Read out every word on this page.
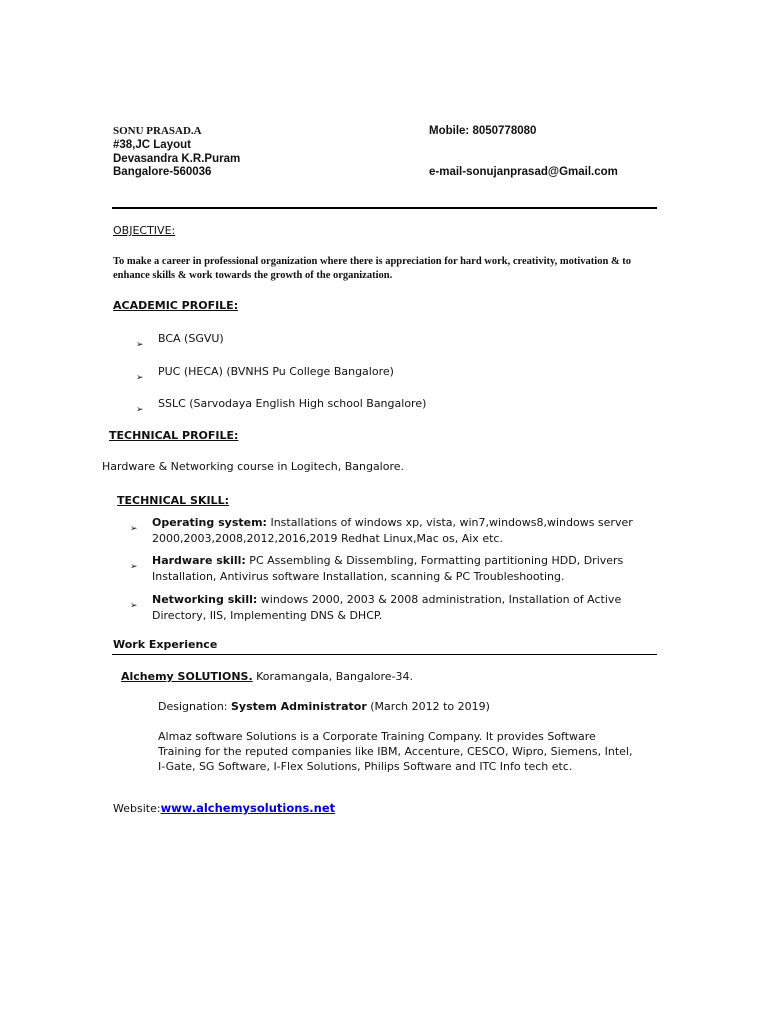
SONU PRASAD.A
#38,JC Layout
Devasandra K.R.Puram
Bangalore-560036
Mobile: 8050778080
e-mail-sonujanprasad@Gmail.com
OBJECTIVE:
To make a career in professional organization where there is appreciation for hard work, creativity, motivation & to enhance skills & work towards the growth of the organization.
ACADEMIC PROFILE:
➢ BCA (SGVU)
➢ PUC (HECA) (BVNHS Pu College Bangalore)
➢ SSLC (Sarvodaya English High school Bangalore)
TECHNICAL PROFILE:
Hardware & Networking course in Logitech, Bangalore.
TECHNICAL SKILL:
➢ Operating system: Installations of windows xp, vista, win7,windows8,windows server 2000,2003,2008,2012,2016,2019 Redhat Linux,Mac os, Aix etc.
➢ Hardware skill: PC Assembling & Dissembling, Formatting partitioning HDD, Drivers Installation, Antivirus software Installation, scanning & PC Troubleshooting.
➢ Networking skill: windows 2000, 2003 & 2008 administration, Installation of Active Directory, IIS, Implementing DNS & DHCP.
Work Experience
Alchemy SOLUTIONS. Koramangala, Bangalore-34.
Designation: System Administrator (March 2012 to 2019)
Almaz software Solutions is a Corporate Training Company. It provides Software Training for the reputed companies like IBM, Accenture, CESCO, Wipro, Siemens, Intel, I-Gate, SG Software, I-Flex Solutions, Philips Software and ITC Info tech etc.
Website:www.alchemysolutions.net
